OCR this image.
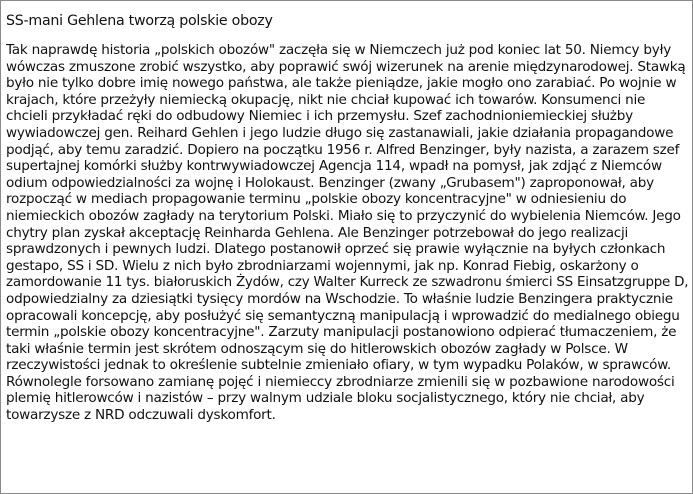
SS-mani Gehlena tworzą polskie obozy

Tak naprawdę historia „polskich obozów" zaczęła się w Niemczech już pod koniec lat 50. Niemcy były
wówczas zmuszone zrobić wszystko, aby poprawić swój wizerunek na arenie międzynarodowej. Stawką
było nie tylko dobre imię nowego państwa, ale także pieniądze, jakie mogło ono zarabiać. Po wojnie w
krajach, które przeżyły niemiecką okupację, nikt nie chciał kupować ich towarów. Konsumenci nie
chcieli przykładać ręki do odbudowy Niemiec i ich przemysłu. Szef zachodnioniemieckiej służby
wywiadowczej gen. Reihard Gehlen i jego ludzie długo się zastanawiali, jakie działania propagandowe
podjąć, aby temu zaradzić. Dopiero na początku 1956 r. Alfred Benzinger, były nazista, a zarazem szef
supertajnej komórki służby kontrwywiadowczej Agencja 114, wpadł na pomysł, jak zdjąć z Niemców
odium odpowiedzialności za wojnę i Holokaust. Benzinger (zwany „Grubasem") zaproponował, aby
rozpocząć w mediach propagowanie terminu „polskie obozy koncentracyjne" w odniesieniu do
niemieckich obozów zagłady na terytorium Polski. Miało się to przyczynić do wybielenia Niemców. Jego
chytry plan zyskał akceptację Reinharda Gehlena. Ale Benzinger potrzebował do jego realizacji
sprawdzonych i pewnych ludzi. Dlatego postanowił oprzeć się prawie wyłącznie na byłych członkach
gestapo, SS i SD. Wielu z nich było zbrodniarzami wojennymi, jak np. Konrad Fiebig, oskarżony o
zamordowanie 11 tys. białoruskich Żydów, czy Walter Kurreck ze szwadronu śmierci SS Einsatzgruppe D,
odpowiedzialny za dziesiątki tysięcy mordów na Wschodzie. To właśnie ludzie Benzingera praktycznie
opracowali koncepcję, aby posłużyć się semantyczną manipulacją i wprowadzić do medialnego obiegu
termin „polskie obozy koncentracyjne". Zarzuty manipulacji postanowiono odpierać tłumaczeniem, że
taki właśnie termin jest skrótem odnoszącym się do hitlerowskich obozów zagłady w Polsce. W
rzeczywistości jednak to określenie subtelnie zmieniało ofiary, w tym wypadku Polaków, w sprawców.
Równolegle forsowano zamianę pojęć i niemieccy zbrodniarze zmienili się w pozbawione narodowości
plemię hitlerowców i nazistów – przy walnym udziale bloku socjalistycznego, który nie chciał, aby
towarzysze z NRD odczuwali dyskomfort.
